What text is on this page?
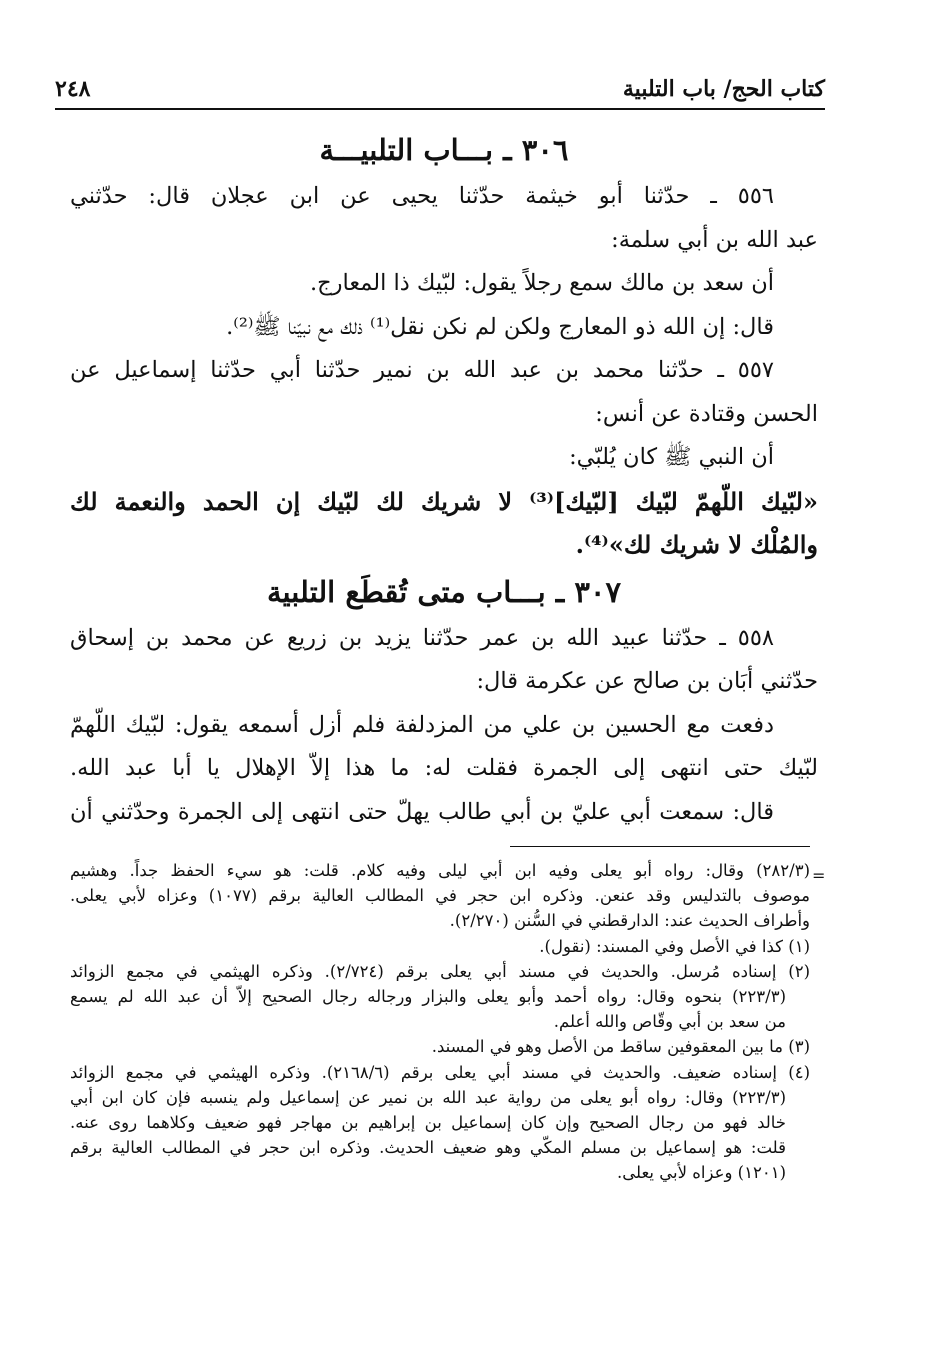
كتاب الحج/ باب التلبية
٢٤٨
٣٠٦ ـ بـــاب التلبيـــة
٥٥٦ ـ حدّثنا أبو خيثمة حدّثنا يحيى عن ابن عجلان قال: حدّثني
عبد الله بن أبي سلمة:
أن سعد بن مالك سمع رجلاً يقول: لبّيك ذا المعارج.
قال: إن الله ذو المعارج ولكن لم نكن نقل⁽¹⁾ ذلك مع نبيّنا ﷺ⁽²⁾.
٥٥٧ ـ حدّثنا محمد بن عبد الله بن نمير حدّثنا أبي حدّثنا إسماعيل عن
الحسن وقتادة عن أنس:
أن النبي ﷺ كان يُلبّي:
«لبّيك اللّهمّ لبّيك [لبّيك]⁽³⁾ لا شريك لك لبّيك إن الحمد والنعمة لك
والمُلْك لا شريك لك»⁽⁴⁾.
٣٠٧ ـ بـــاب متى تُقطَع التلبية
٥٥٨ ـ حدّثنا عبيد الله بن عمر حدّثنا يزيد بن زريع عن محمد بن إسحاق
حدّثني أبَان بن صالح عن عكرمة قال:
دفعت مع الحسين بن علي من المزدلفة فلم أزل أسمعه يقول: لبّيك اللّهمّ
لبّيك حتى انتهى إلى الجمرة فقلت له: ما هذا إلاّ الإهلال يا أبا عبد الله.
قال: سمعت أبي عليّ بن أبي طالب يهلّ حتى انتهى إلى الجمرة وحدّثني أن
=
(٢٨٢/٣) وقال: رواه أبو يعلى وفيه ابن أبي ليلى وفيه كلام. قلت: هو سيء الحفظ جداً. وهشيم
موصوف بالتدليس وقد عنعن. وذكره ابن حجر في المطالب العالية برقم (١٠٧٧) وعزاه لأبي يعلى.
وأطراف الحديث عند: الدارقطني في السُّنن (٢/٢٧٠).
(١) كذا في الأصل وفي المسند: (نقول).
(٢) إسناده مُرسل. والحديث في مسند أبي يعلى برقم (٢/٧٢٤). وذكره الهيثمي في مجمع الزوائد
(٢٢٣/٣) بنحوه وقال: رواه أحمد وأبو يعلى والبزار ورجاله رجال الصحيح إلاّ أن عبد الله لم يسمع
من سعد بن أبي وقّاص والله أعلم.
(٣) ما بين المعقوفين ساقط من الأصل وهو في المسند.
(٤) إسناده ضعيف. والحديث في مسند أبي يعلى برقم (٢١٦٨/٦). وذكره الهيثمي في مجمع الزوائد
(٢٢٣/٣) وقال: رواه أبو يعلى من رواية عبد الله بن نمير عن إسماعيل ولم ينسبه فإن كان ابن أبي
خالد فهو من رجال الصحيح وإن كان إسماعيل بن إبراهيم بن مهاجر فهو ضعيف وكلاهما روى عنه.
قلت: هو إسماعيل بن مسلم المكّي وهو ضعيف الحديث. وذكره ابن حجر في المطالب العالية برقم
(١٢٠١) وعزاه لأبي يعلى.
